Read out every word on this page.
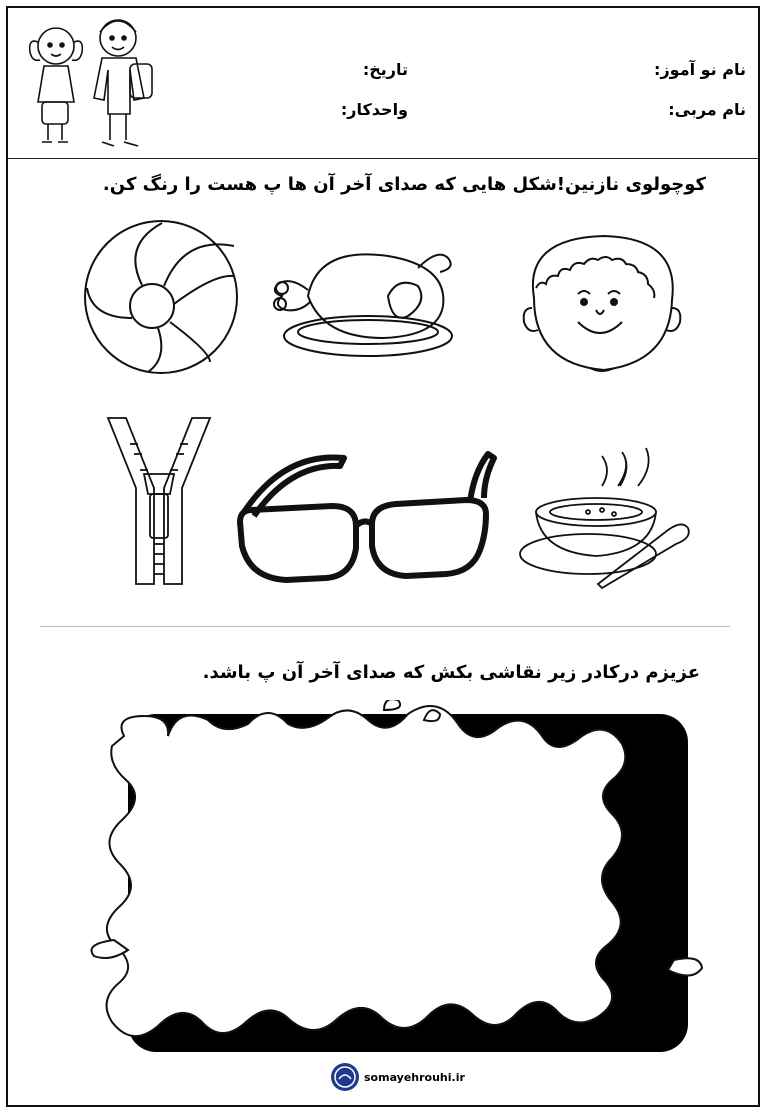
نام نو آموز:
تاریخ:
نام مربی:
واحدکار:
کوچولوی نازنین!شکل هایی که صدای آخر آن ها پ هست را رنگ کن.
عزیزم درکادر زیر نقاشی بکش که صدای آخر آن پ باشد.
somayehrouhi.ir
